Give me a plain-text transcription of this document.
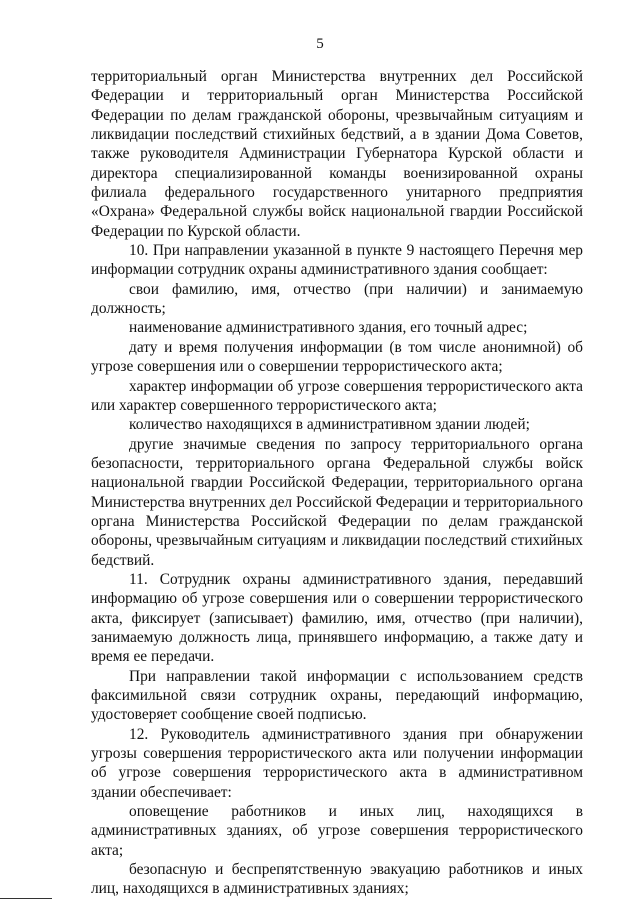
5

территориальный орган Министерства внутренних дел Российской Федерации и территориальный орган Министерства Российской Федерации по делам гражданской обороны, чрезвычайным ситуациям и ликвидации последствий стихийных бедствий, а в здании Дома Советов, также руководителя Администрации Губернатора Курской области и директора специализированной команды военизированной охраны филиала федерального государственного унитарного предприятия «Охрана» Федеральной службы войск национальной гвардии Российской Федерации по Курской области.

10. При направлении указанной в пункте 9 настоящего Перечня мер информации сотрудник охраны административного здания сообщает:

свои фамилию, имя, отчество (при наличии) и занимаемую должность;

наименование административного здания, его точный адрес;

дату и время получения информации (в том числе анонимной) об угрозе совершения или о совершении террористического акта;

характер информации об угрозе совершения террористического акта или характер совершенного террористического акта;

количество находящихся в административном здании людей;

другие значимые сведения по запросу территориального органа безопасности, территориального органа Федеральной службы войск национальной гвардии Российской Федерации, территориального органа Министерства внутренних дел Российской Федерации и территориального органа Министерства Российской Федерации по делам гражданской обороны, чрезвычайным ситуациям и ликвидации последствий стихийных бедствий.

11. Сотрудник охраны административного здания, передавший информацию об угрозе совершения или о совершении террористического акта, фиксирует (записывает) фамилию, имя, отчество (при наличии), занимаемую должность лица, принявшего информацию, а также дату и время ее передачи.

При направлении такой информации с использованием средств факсимильной связи сотрудник охраны, передающий информацию, удостоверяет сообщение своей подписью.

12. Руководитель административного здания при обнаружении угрозы совершения террористического акта или получении информации об угрозе совершения террористического акта в административном здании обеспечивает:

оповещение работников и иных лиц, находящихся в административных зданиях, об угрозе совершения террористического акта;

безопасную и беспрепятственную эвакуацию работников и иных лиц, находящихся в административных зданиях;
